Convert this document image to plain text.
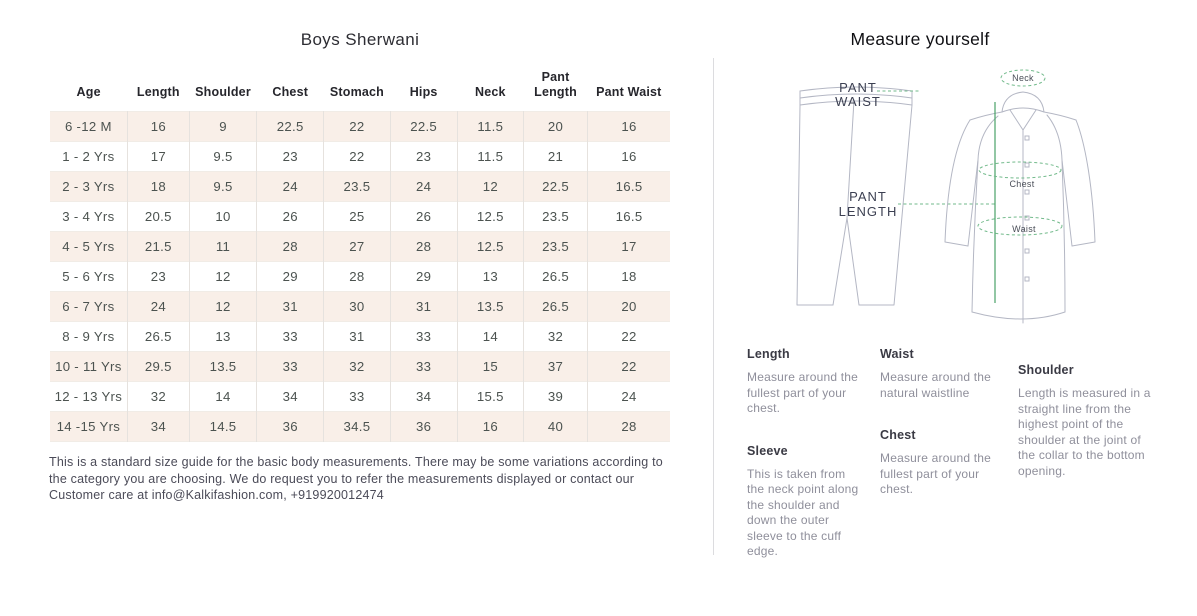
Boys Sherwani
Age	Length	Shoulder	Chest	Stomach	Hips	Neck	Pant Length	Pant Waist
6 -12 M	16	9	22.5	22	22.5	11.5	20	16
1 - 2 Yrs	17	9.5	23	22	23	11.5	21	16
2 - 3 Yrs	18	9.5	24	23.5	24	12	22.5	16.5
3 - 4 Yrs	20.5	10	26	25	26	12.5	23.5	16.5
4 - 5 Yrs	21.5	11	28	27	28	12.5	23.5	17
5 - 6 Yrs	23	12	29	28	29	13	26.5	18
6 - 7 Yrs	24	12	31	30	31	13.5	26.5	20
8 - 9 Yrs	26.5	13	33	31	33	14	32	22
10 - 11 Yrs	29.5	13.5	33	32	33	15	37	22
12 - 13 Yrs	32	14	34	33	34	15.5	39	24
14 -15 Yrs	34	14.5	36	34.5	36	16	40	28
This is a standard size guide for the basic body measurements. There may be some variations according to the category you are choosing. We do request you to refer the measurements displayed or contact our Customer care at info@Kalkifashion.com, +919920012474
Measure yourself
PANT
WAIST
PANT
LENGTH
Neck
Chest
Waist
Length

Measure around the fullest part of your chest.

Sleeve

This is taken from the neck point along the shoulder and down the outer sleeve to the cuff edge.

Waist

Measure around the natural waistline

Chest

Measure around the fullest part of your chest.

Shoulder

Length is measured in a straight line from the highest point of the shoulder at the joint of the collar to the bottom opening.
